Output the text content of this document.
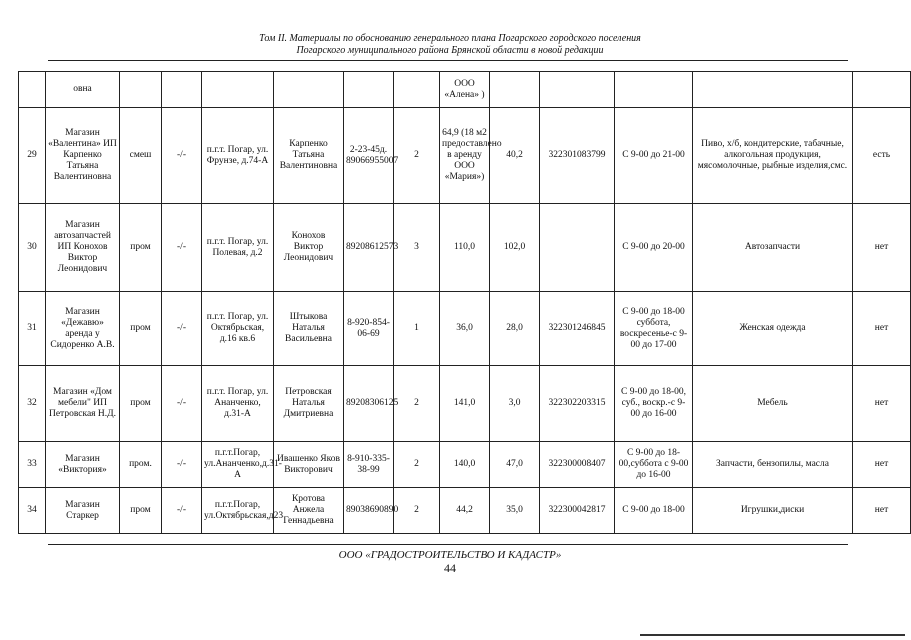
Том II. Материалы по обоснованию генерального плана Погарского городского поселения
Погарского муниципального района Брянской области в новой редакции
	овна							ООО «Алена» )					
29	Магазин «Валентина» ИП Карпенко Татьяна Валентиновна	смеш	-/-	п.г.т. Погар, ул. Фрунзе, д.74-А	Карпенко Татьяна Валентиновна	2-23-45д. 89066955007	2	64,9 (18 м2 предоставлено в аренду ООО «Мария»)	40,2	322301083799	С 9-00 до 21-00	Пиво, х/б, кондитерские, табачные, алкогольная продукция, мясомолочные, рыбные изделия,смс.	есть
30	Магазин автозапчастей ИП Конохов Виктор Леонидович	пром	-/-	п.г.т. Погар, ул. Полевая, д.2	Конохов Виктор Леонидович	89208612573	3	110,0	102,0		С 9-00 до 20-00	Автозапчасти	нет
31	Магазин «Дежавю» аренда у Сидоренко А.В.	пром	-/-	п.г.т. Погар, ул. Октябрьская, д.16 кв.6	Штыкова Наталья Васильевна	8-920-854-06-69	1	36,0	28,0	322301246845	С 9-00 до 18-00 суббота, воскресенье-с 9-00 до 17-00	Женская одежда	нет
32	Магазин «Дом мебели" ИП Петровская Н.Д.	пром	-/-	п.г.т. Погар, ул. Ананченко, д.31-А	Петровская Наталья Дмитриевна	89208306125	2	141,0	3,0	322302203315	С 9-00 до 18-00, суб., воскр.-с 9-00 до 16-00	Мебель	нет
33	Магазин «Виктория»	пром.	-/-	п.г.т.Погар, ул.Ананченко,д.31-А	Ивашенко Яков Викторович	8-910-335-38-99	2	140,0	47,0	322300008407	С 9-00 до 18-00,суббота с 9-00 до 16-00	Запчасти, бензопилы, масла	нет
34	Магазин Старкер	пром	-/-	п.г.т.Погар, ул.Октябрьская,д23	Кротова Анжела Геннадьевна	89038690890	2	44,2	35,0	322300042817	С 9-00 до 18-00	Игрушки,диски	нет
ООО «ГРАДОСТРОИТЕЛЬСТВО И КАДАСТР»
44
